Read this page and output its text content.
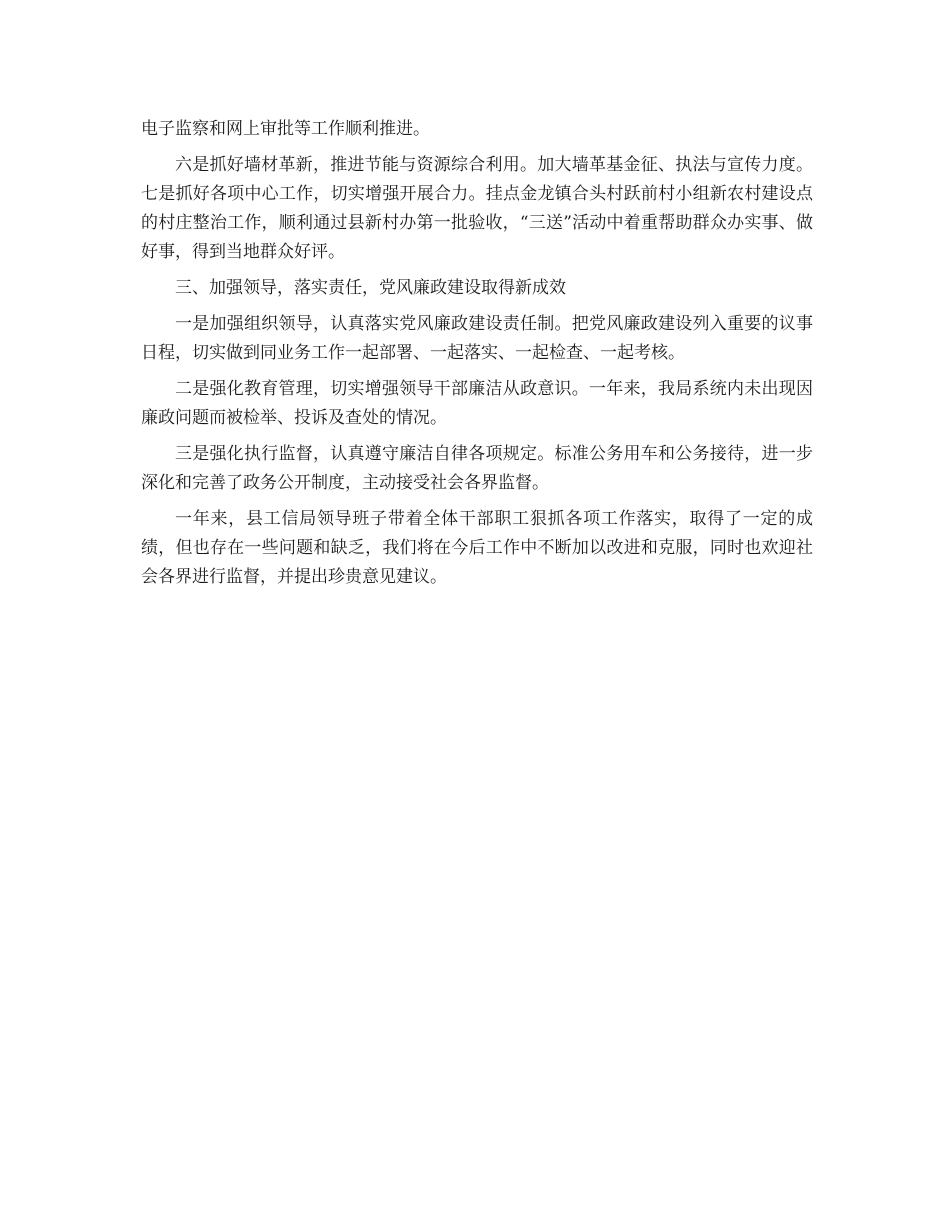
电子监察和网上审批等工作顺利推进。

六是抓好墙材革新，推进节能与资源综合利用。加大墙革基金征、执法与宣传力度。七是抓好各项中心工作，切实增强开展合力。挂点金龙镇合头村跃前村小组新农村建设点的村庄整治工作，顺利通过县新村办第一批验收，“三送”活动中着重帮助群众办实事、做好事，得到当地群众好评。

三、加强领导，落实责任，党风廉政建设取得新成效

一是加强组织领导，认真落实党风廉政建设责任制。把党风廉政建设列入重要的议事日程，切实做到同业务工作一起部署、一起落实、一起检查、一起考核。

二是强化教育管理，切实增强领导干部廉洁从政意识。一年来，我局系统内未出现因廉政问题而被检举、投诉及查处的情况。

三是强化执行监督，认真遵守廉洁自律各项规定。标准公务用车和公务接待，进一步深化和完善了政务公开制度，主动接受社会各界监督。

一年来，县工信局领导班子带着全体干部职工狠抓各项工作落实，取得了一定的成绩，但也存在一些问题和缺乏，我们将在今后工作中不断加以改进和克服，同时也欢迎社会各界进行监督，并提出珍贵意见建议。
